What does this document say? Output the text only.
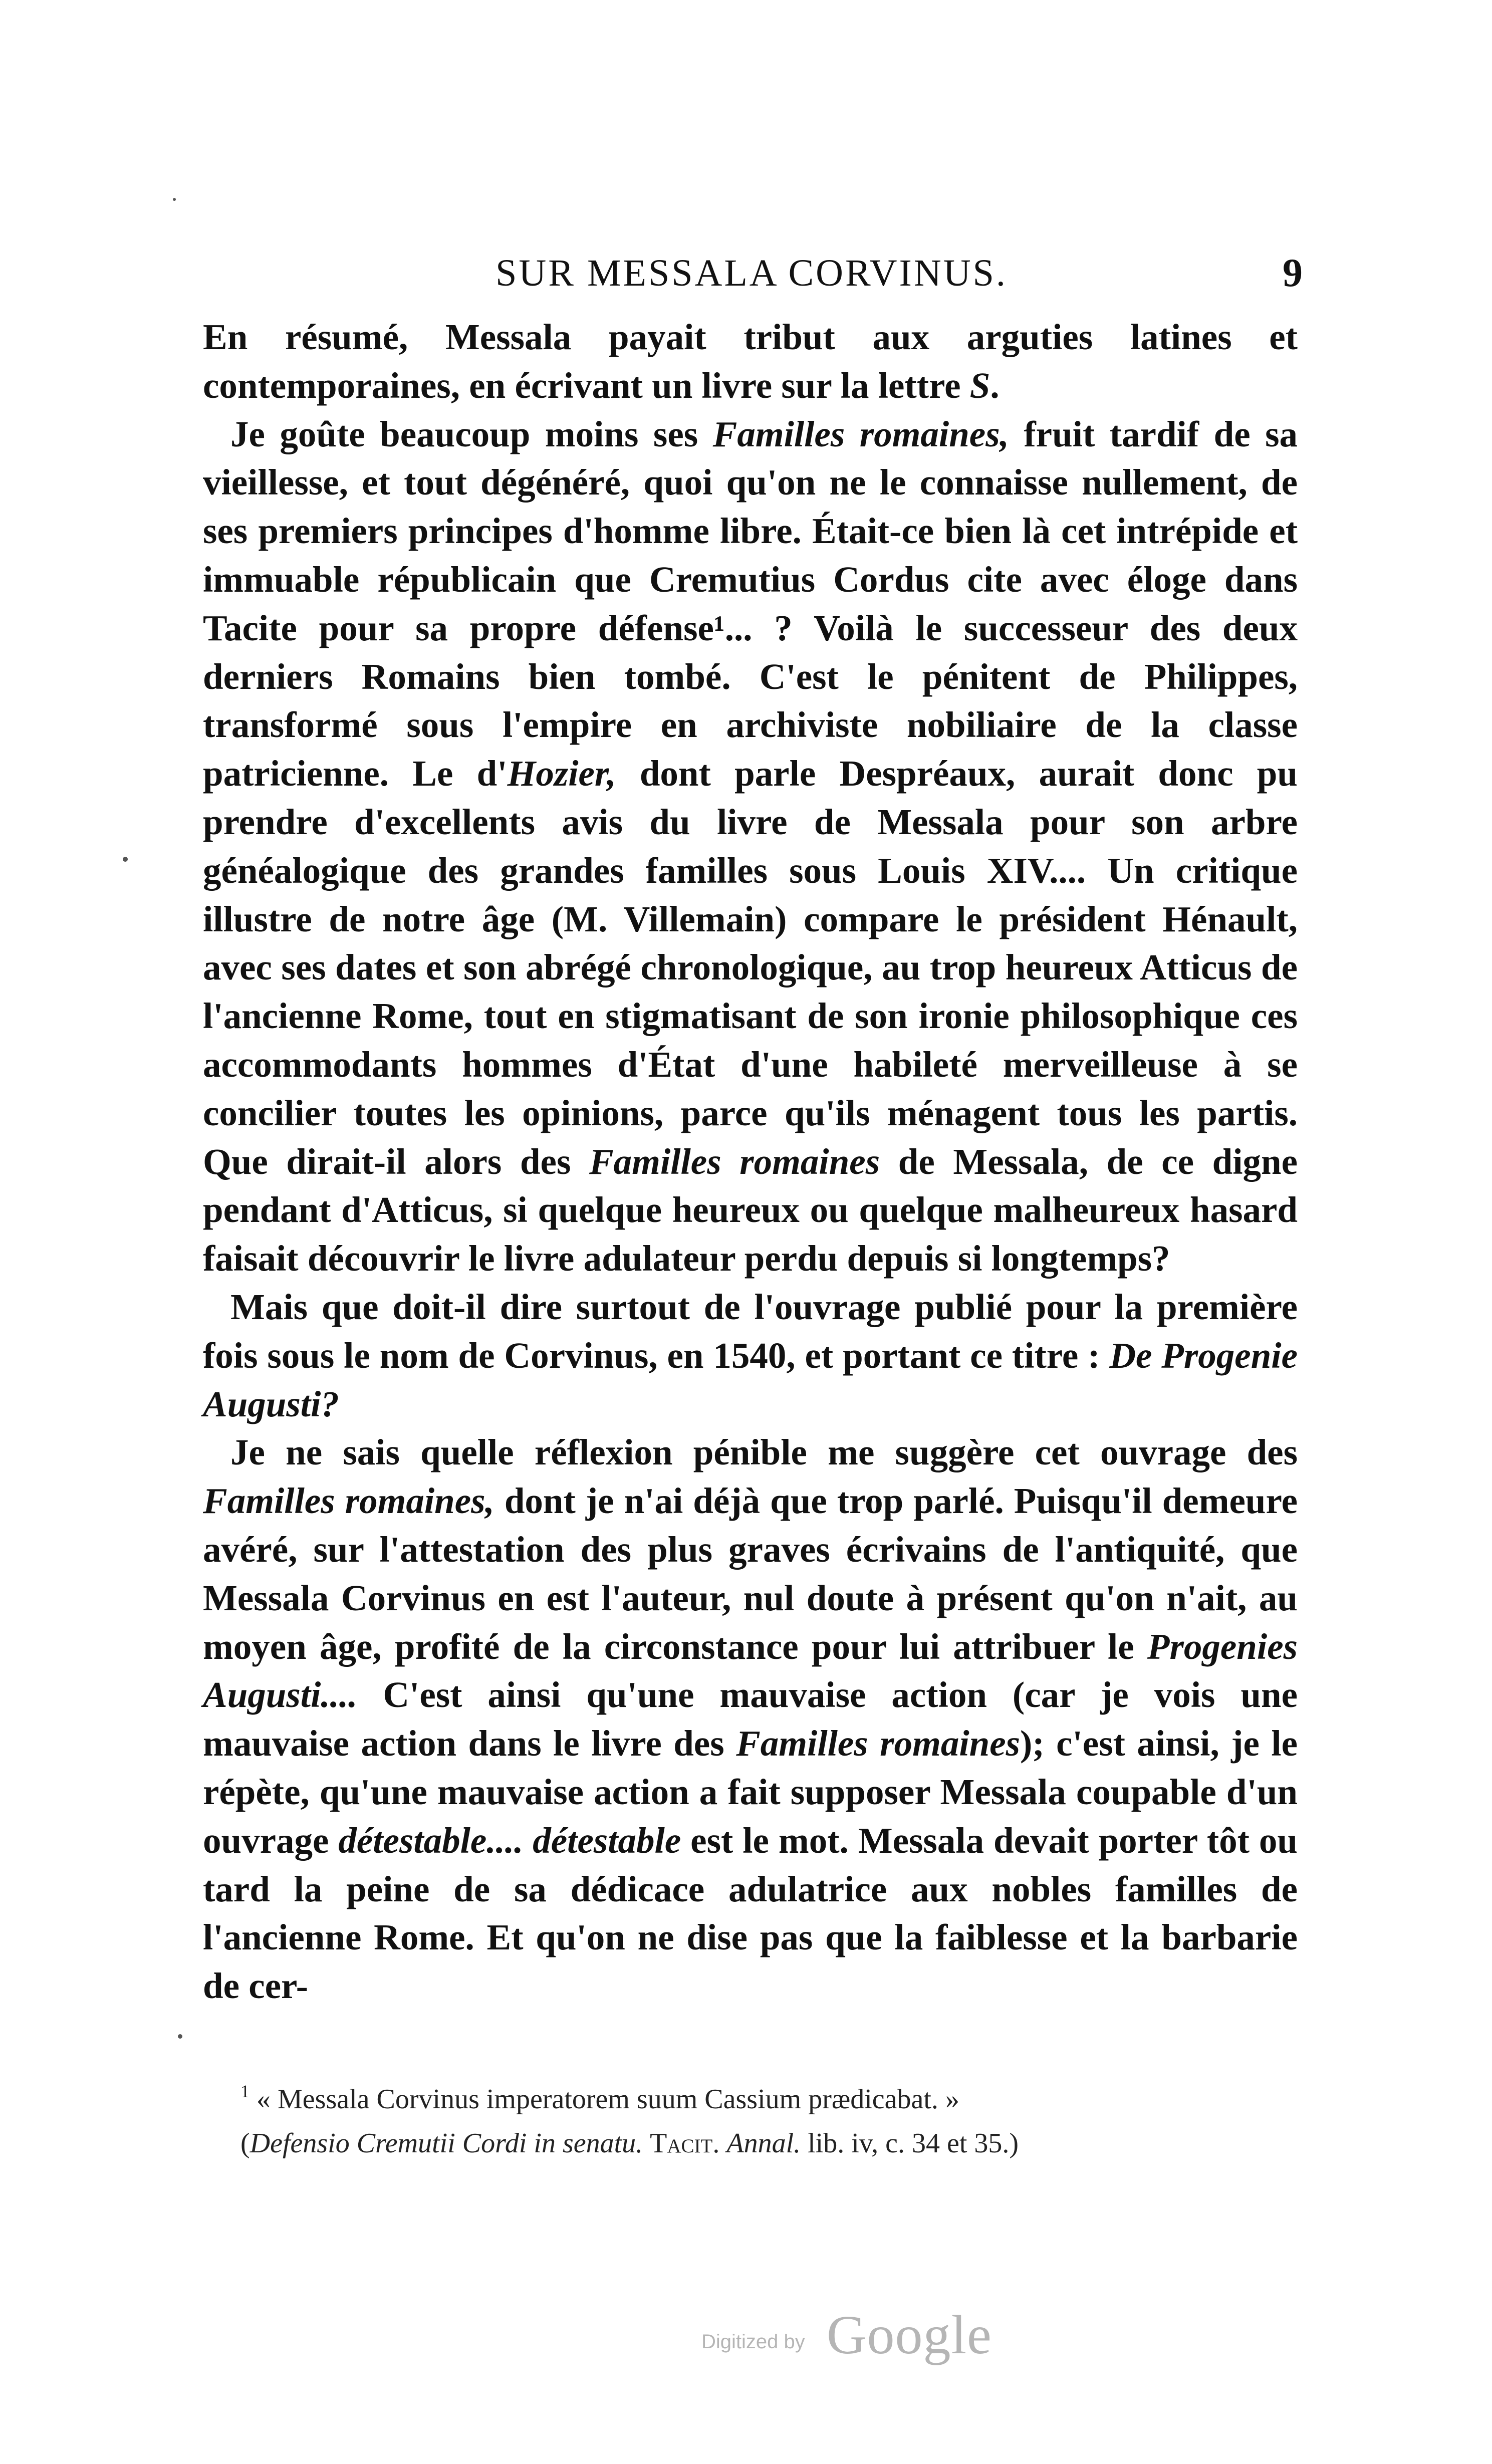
SUR MESSALA CORVINUS.	9

En résumé, Messala payait tribut aux arguties latines et contemporaines, en écrivant un livre sur la lettre S.

Je goûte beaucoup moins ses Familles romaines, fruit tardif de sa vieillesse, et tout dégénéré, quoi qu'on ne le connaisse nullement, de ses premiers principes d'homme libre. Était-ce bien là cet intrépide et immuable républicain que Cremutius Cordus cite avec éloge dans Tacite pour sa propre défense¹... ? Voilà le successeur des deux derniers Romains bien tombé. C'est le pénitent de Philippes, transformé sous l'empire en archiviste nobiliaire de la classe patricienne. Le d'Hozier, dont parle Despréaux, aurait donc pu prendre d'excellents avis du livre de Messala pour son arbre généalogique des grandes familles sous Louis XIV.... Un critique illustre de notre âge (M. Villemain) compare le président Hénault, avec ses dates et son abrégé chronologique, au trop heureux Atticus de l'ancienne Rome, tout en stigmatisant de son ironie philosophique ces accommodants hommes d'État d'une habileté merveilleuse à se concilier toutes les opinions, parce qu'ils ménagent tous les partis. Que dirait-il alors des Familles romaines de Messala, de ce digne pendant d'Atticus, si quelque heureux ou quelque malheureux hasard faisait découvrir le livre adulateur perdu depuis si longtemps?

Mais que doit-il dire surtout de l'ouvrage publié pour la première fois sous le nom de Corvinus, en 1540, et portant ce titre : De Progenie Augusti?

Je ne sais quelle réflexion pénible me suggère cet ouvrage des Familles romaines, dont je n'ai déjà que trop parlé. Puisqu'il demeure avéré, sur l'attestation des plus graves écrivains de l'antiquité, que Messala Corvinus en est l'auteur, nul doute à présent qu'on n'ait, au moyen âge, profité de la circonstance pour lui attribuer le Progenies Augusti.... C'est ainsi qu'une mauvaise action (car je vois une mauvaise action dans le livre des Familles romaines); c'est ainsi, je le répète, qu'une mauvaise action a fait supposer Messala coupable d'un ouvrage détestable.... détestable est le mot. Messala devait porter tôt ou tard la peine de sa dédicace adulatrice aux nobles familles de l'ancienne Rome. Et qu'on ne dise pas que la faiblesse et la barbarie de cer-

$^1$ « Messala Corvinus imperatorem suum Cassium prædicabat. »

(Defensio Cremutii Cordi in senatu. Tacit. Annal. lib. iv, c. 34 et 35.)

Digitized by Google
